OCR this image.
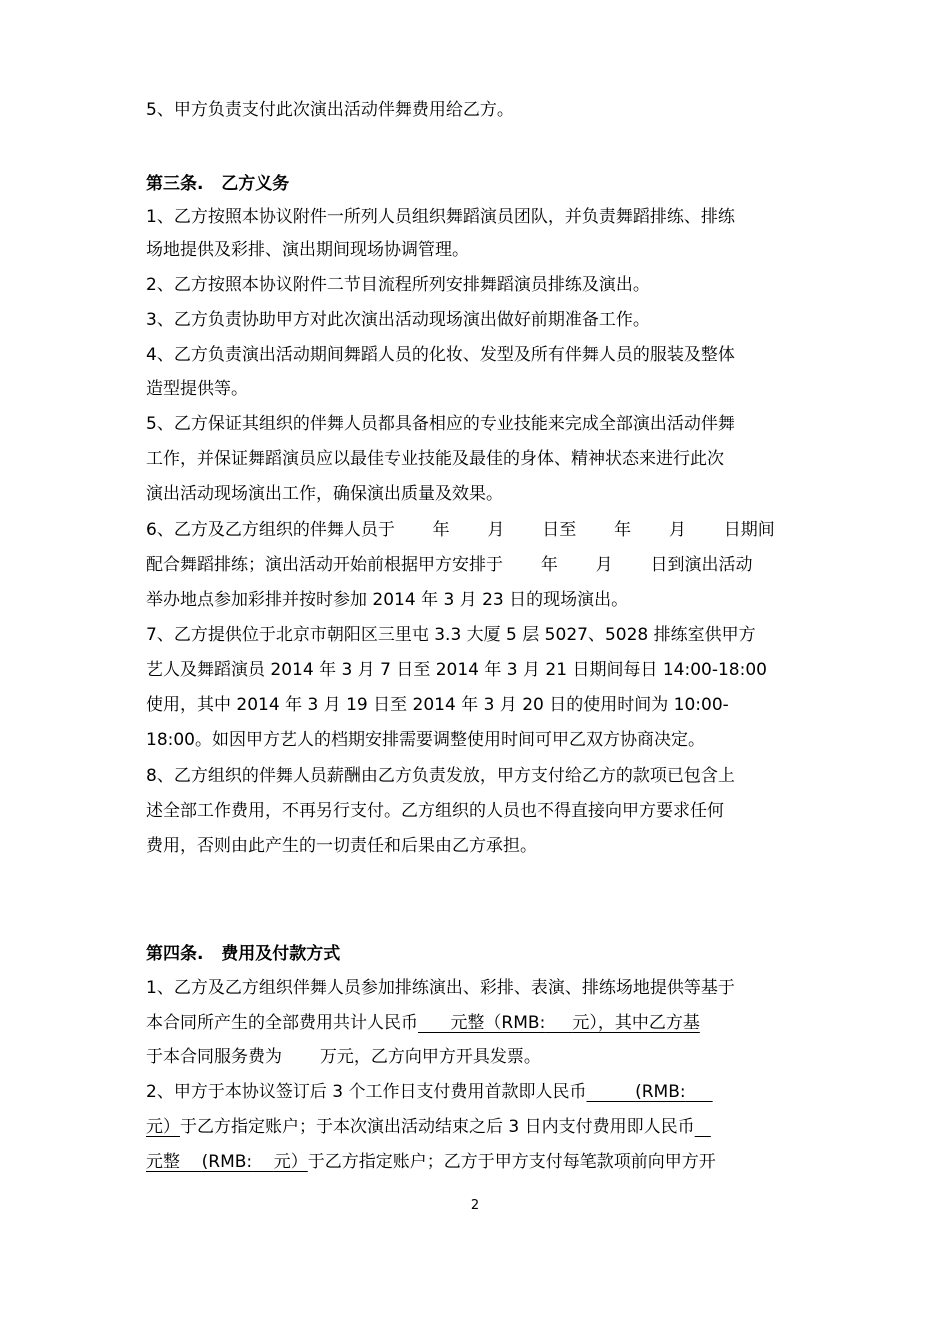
5、甲方负责支付此次演出活动伴舞费用给乙方。
第三条. 乙方义务
1、乙方按照本协议附件一所列人员组织舞蹈演员团队，并负责舞蹈排练、排练
场地提供及彩排、演出期间现场协调管理。
2、乙方按照本协议附件二节目流程所列安排舞蹈演员排练及演出。
3、乙方负责协助甲方对此次演出活动现场演出做好前期准备工作。
4、乙方负责演出活动期间舞蹈人员的化妆、发型及所有伴舞人员的服装及整体
造型提供等。
5、乙方保证其组织的伴舞人员都具备相应的专业技能来完成全部演出活动伴舞
工作，并保证舞蹈演员应以最佳专业技能及最佳的身体、精神状态来进行此次
演出活动现场演出工作，确保演出质量及效果。
6、乙方及乙方组织的伴舞人员于       年       月       日至       年       月       日期间
配合舞蹈排练；演出活动开始前根据甲方安排于       年       月       日到演出活动
举办地点参加彩排并按时参加 2014 年 3 月 23 日的现场演出。
7、乙方提供位于北京市朝阳区三里屯 3.3 大厦 5 层 5027、5028 排练室供甲方
艺人及舞蹈演员 2014 年 3 月 7 日至 2014 年 3 月 21 日期间每日 14:00-18:00
使用，其中 2014 年 3 月 19 日至 2014 年 3 月 20 日的使用时间为 10:00-
18:00。如因甲方艺人的档期安排需要调整使用时间可甲乙双方协商决定。
8、乙方组织的伴舞人员薪酬由乙方负责发放，甲方支付给乙方的款项已包含上
述全部工作费用，不再另行支付。乙方组织的人员也不得直接向甲方要求任何
费用，否则由此产生的一切责任和后果由乙方承担。
第四条. 费用及付款方式
1、乙方及乙方组织伴舞人员参加排练演出、彩排、表演、排练场地提供等基于
本合同所产生的全部费用共计人民币 元整（RMB: 元），其中乙方基
于本合同服务费为       万元，乙方向甲方开具发票。
2、甲方于本协议签订后 3 个工作日支付费用首款即人民币	(RMB:
元）于乙方指定账户；于本次演出活动结束之后 3 日内支付费用即人民币
元整 (RMB: 元）于乙方指定账户；乙方于甲方支付每笔款项前向甲方开
2
